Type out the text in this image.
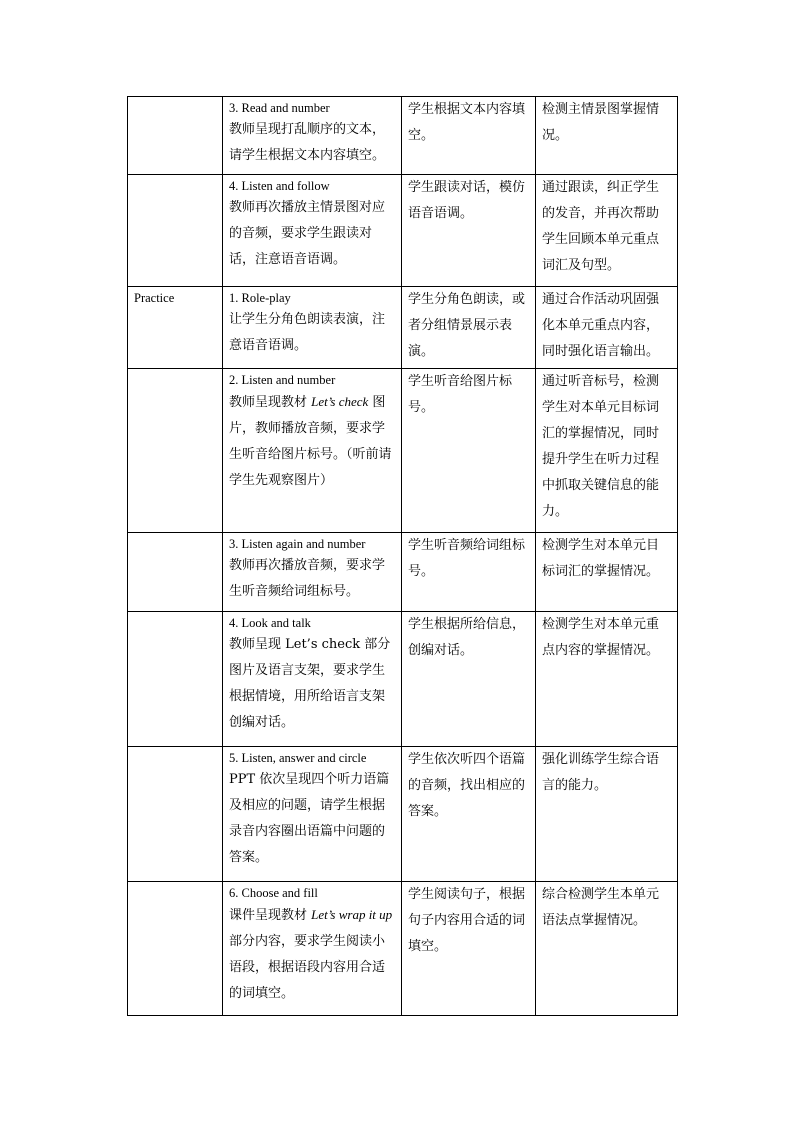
	3. Read and number
教师呈现打乱顺序的文本，请学生根据文本内容填空。	学生根据文本内容填空。	检测主情景图掌握情况。

	4. Listen and follow
教师再次播放主情景图对应的音频，要求学生跟读对话，注意语音语调。	学生跟读对话，模仿语音语调。	通过跟读，纠正学生的发音，并再次帮助学生回顾本单元重点词汇及句型。
Practice	1. Role-play
让学生分角色朗读表演，注意语音语调。	学生分角色朗读，或者分组情景展示表演。	通过合作活动巩固强化本单元重点内容，同时强化语言输出。

	2. Listen and number
教师呈现教材 Let’s check 图片，教师播放音频，要求学生听音给图片标号。（听前请学生先观察图片）	学生听音给图片标号。	通过听音标号，检测学生对本单元目标词汇的掌握情况，同时提升学生在听力过程中抓取关键信息的能力。

	3. Listen again and number
教师再次播放音频，要求学生听音频给词组标号。	学生听音频给词组标号。	检测学生对本单元目标词汇的掌握情况。

	4. Look and talk
教师呈现 Let’s check 部分图片及语言支架，要求学生根据情境，用所给语言支架创编对话。	学生根据所给信息，创编对话。	检测学生对本单元重点内容的掌握情况。

	5. Listen, answer and circle
PPT 依次呈现四个听力语篇及相应的问题，请学生根据录音内容圈出语篇中问题的答案。	学生依次听四个语篇的音频，找出相应的答案。	强化训练学生综合语言的能力。

	6. Choose and fill
课件呈现教材 Let’s wrap it up 部分内容，要求学生阅读小语段，根据语段内容用合适的词填空。	学生阅读句子，根据句子内容用合适的词填空。	综合检测学生本单元语法点掌握情况。
